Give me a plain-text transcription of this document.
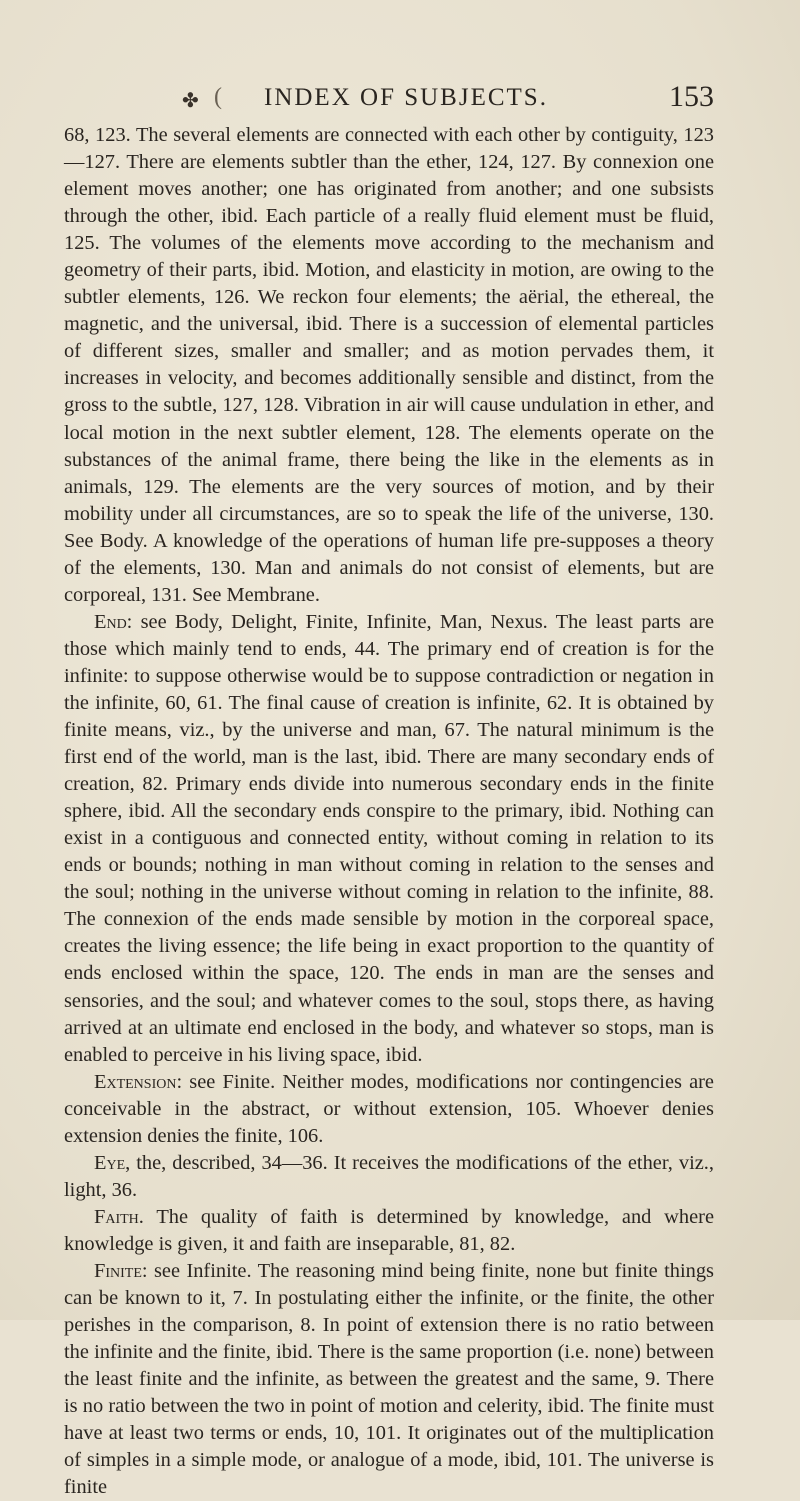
✤ ( INDEX OF SUBJECTS.	153

68, 123. The several elements are connected with each other by contiguity, 123—127. There are elements subtler than the ether, 124, 127. By connexion one element moves another; one has originated from another; and one subsists through the other, ibid. Each particle of a really fluid element must be fluid, 125. The volumes of the elements move according to the mechanism and geometry of their parts, ibid. Motion, and elasticity in motion, are owing to the subtler elements, 126. We reckon four elements; the aërial, the ethereal, the magnetic, and the universal, ibid. There is a succession of elemental particles of different sizes, smaller and smaller; and as motion pervades them, it increases in velocity, and becomes additionally sensible and distinct, from the gross to the subtle, 127, 128. Vibration in air will cause undulation in ether, and local motion in the next subtler element, 128. The elements operate on the substances of the animal frame, there being the like in the elements as in animals, 129. The elements are the very sources of motion, and by their mobility under all circumstances, are so to speak the life of the universe, 130. See Body. A knowledge of the operations of human life pre-supposes a theory of the elements, 130. Man and animals do not consist of elements, but are corporeal, 131. See Membrane.

End: see Body, Delight, Finite, Infinite, Man, Nexus. The least parts are those which mainly tend to ends, 44. The primary end of creation is for the infinite: to suppose otherwise would be to suppose contradiction or negation in the infinite, 60, 61. The final cause of creation is infinite, 62. It is obtained by finite means, viz., by the universe and man, 67. The natural minimum is the first end of the world, man is the last, ibid. There are many secondary ends of creation, 82. Primary ends divide into numerous secondary ends in the finite sphere, ibid. All the secondary ends conspire to the primary, ibid. Nothing can exist in a contiguous and connected entity, without coming in relation to its ends or bounds; nothing in man without coming in relation to the senses and the soul; nothing in the universe without coming in relation to the infinite, 88. The connexion of the ends made sensible by motion in the corporeal space, creates the living essence; the life being in exact proportion to the quantity of ends enclosed within the space, 120. The ends in man are the senses and sensories, and the soul; and whatever comes to the soul, stops there, as having arrived at an ultimate end enclosed in the body, and whatever so stops, man is enabled to perceive in his living space, ibid.

Extension: see Finite. Neither modes, modifications nor contingencies are conceivable in the abstract, or without extension, 105. Whoever denies extension denies the finite, 106.

Eye, the, described, 34—36. It receives the modifications of the ether, viz., light, 36.

Faith. The quality of faith is determined by knowledge, and where knowledge is given, it and faith are inseparable, 81, 82.

Finite: see Infinite. The reasoning mind being finite, none but finite things can be known to it, 7. In postulating either the infinite, or the finite, the other perishes in the comparison, 8. In point of extension there is no ratio between the infinite and the finite, ibid. There is the same proportion (i.e. none) between the least finite and the infinite, as between the greatest and the same, 9. There is no ratio between the two in point of motion and celerity, ibid. The finite must have at least two terms or ends, 10, 101. It originates out of the multiplication of simples in a simple mode, or analogue of a mode, ibid, 101. The universe is finite
